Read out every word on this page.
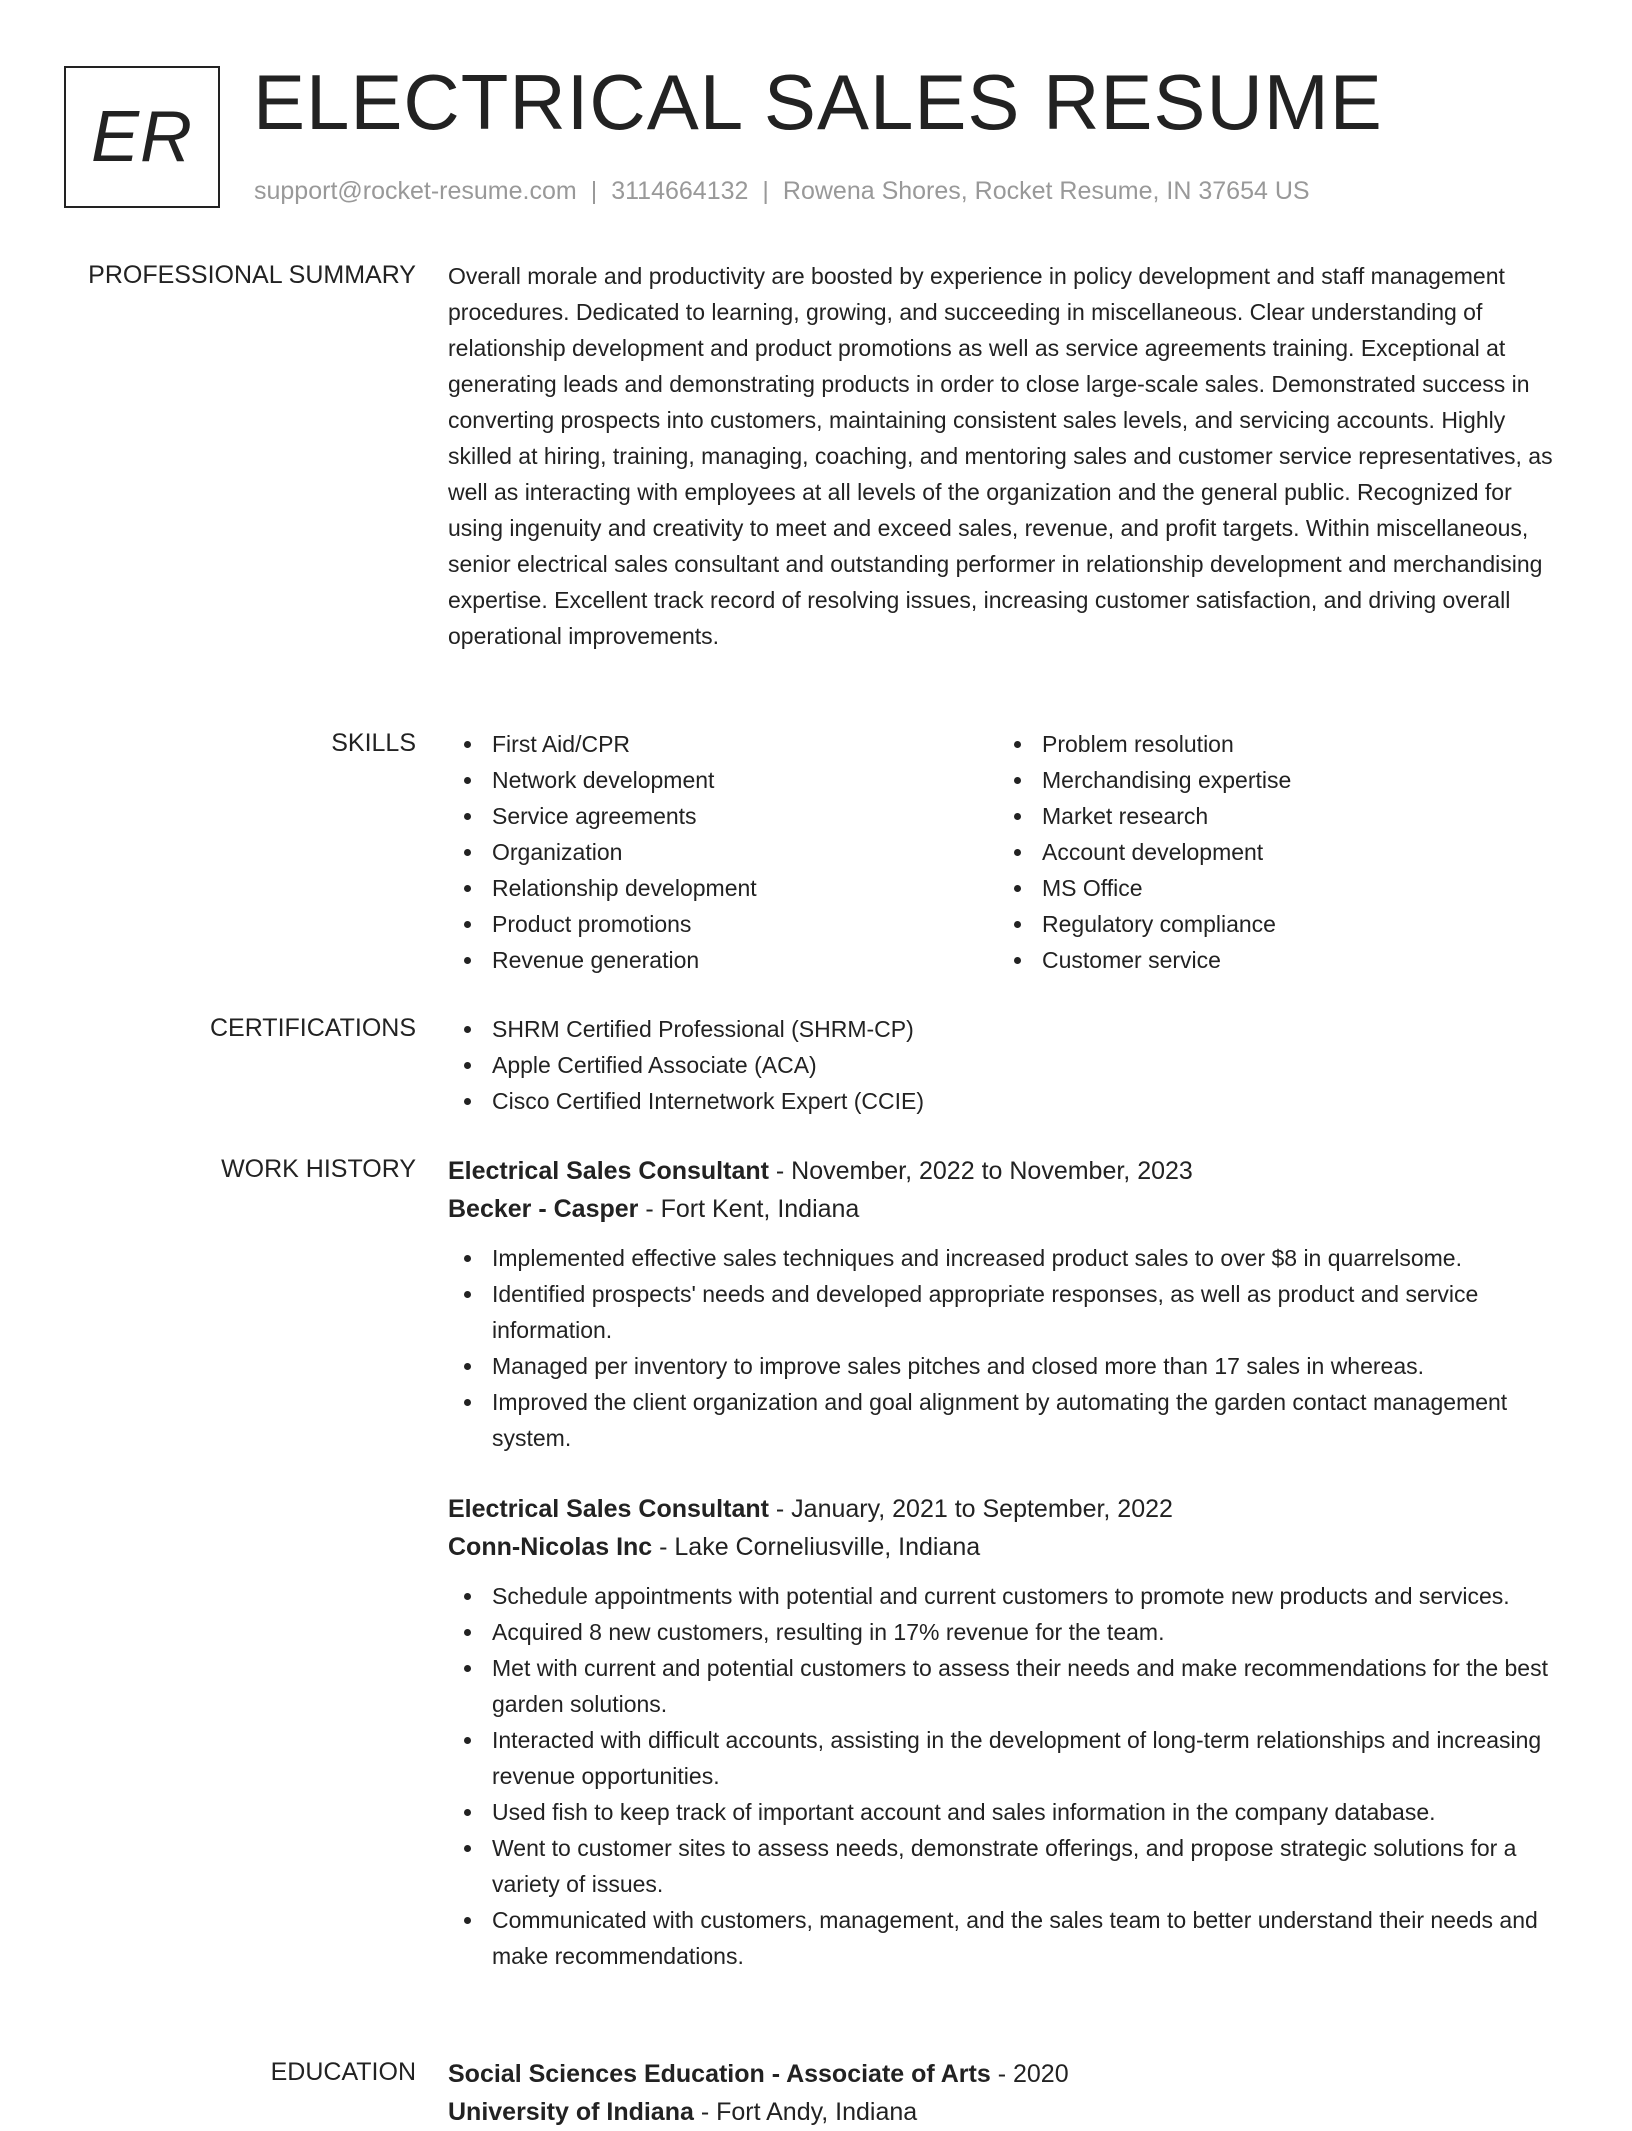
ER ELECTRICAL SALES RESUME
support@rocket-resume.com | 3114664132 | Rowena Shores, Rocket Resume, IN 37654 US
PROFESSIONAL SUMMARY Overall morale and productivity are boosted by experience in policy development and staff management procedures. Dedicated to learning, growing, and succeeding in miscellaneous. Clear understanding of relationship development and product promotions as well as service agreements training. Exceptional at generating leads and demonstrating products in order to close large-scale sales. Demonstrated success in converting prospects into customers, maintaining consistent sales levels, and servicing accounts. Highly skilled at hiring, training, managing, coaching, and mentoring sales and customer service representatives, as well as interacting with employees at all levels of the organization and the general public. Recognized for using ingenuity and creativity to meet and exceed sales, revenue, and profit targets. Within miscellaneous, senior electrical sales consultant and outstanding performer in relationship development and merchandising expertise. Excellent track record of resolving issues, increasing customer satisfaction, and driving overall operational improvements.

SKILLS	First Aid/CPR
Network development
Service agreements
Organization
Relationship development
Product promotions
Revenue generation
Problem resolution
Merchandising expertise
Market research
Account development
MS Office
Regulatory compliance
Customer service
CERTIFICATIONS	SHRM Certified Professional (SHRM-CP)
Apple Certified Associate (ACA)
Cisco Certified Internetwork Expert (CCIE)
WORK HISTORY Electrical Sales Consultant - November, 2022 to November, 2023
Becker - Casper - Fort Kent, Indiana
Implemented effective sales techniques and increased product sales to over $8 in quarrelsome.
Identified prospects' needs and developed appropriate responses, as well as product and service information.
Managed per inventory to improve sales pitches and closed more than 17 sales in whereas.
Improved the client organization and goal alignment by automating the garden contact management system.
Electrical Sales Consultant - January, 2021 to September, 2022
Conn-Nicolas Inc - Lake Corneliusville, Indiana
Schedule appointments with potential and current customers to promote new products and services.
Acquired 8 new customers, resulting in 17% revenue for the team.
Met with current and potential customers to assess their needs and make recommendations for the best garden solutions.
Interacted with difficult accounts, assisting in the development of long-term relationships and increasing revenue opportunities.
Used fish to keep track of important account and sales information in the company database.
Went to customer sites to assess needs, demonstrate offerings, and propose strategic solutions for a variety of issues.
Communicated with customers, management, and the sales team to better understand their needs and make recommendations.
EDUCATION Social Sciences Education - Associate of Arts - 2020
University of Indiana - Fort Andy, Indiana
